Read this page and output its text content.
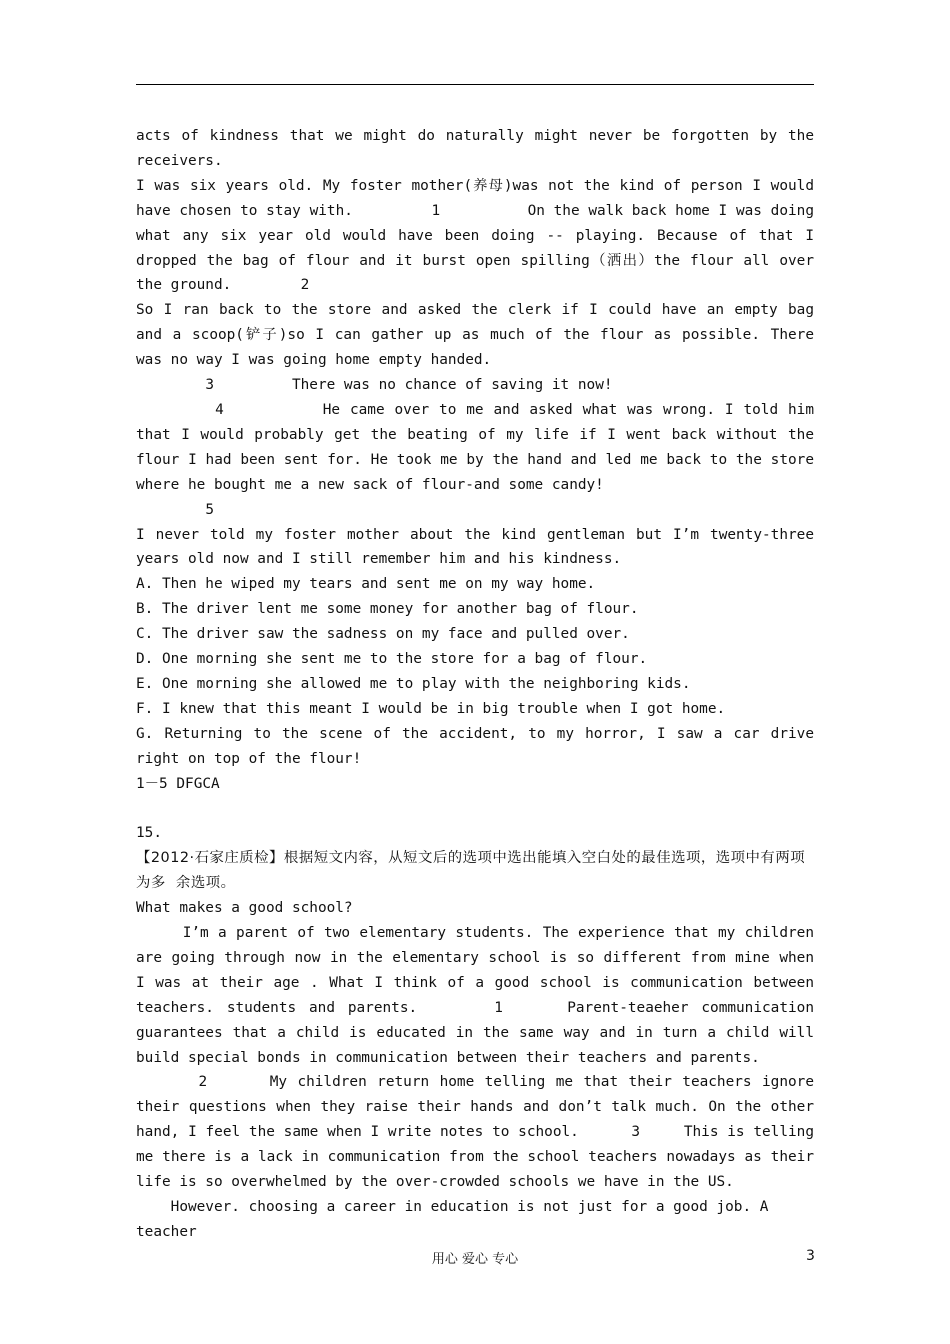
acts of kindness that we might do naturally might never be forgotten by the receivers.

I was six years old. My foster mother(养母)was not the kind of person I would have chosen to stay with.         1          On the walk back home I was doing what any six year old would have been doing -- playing. Because of that I dropped the bag of flour and it burst open spilling（洒出）the flour all over the ground.        2

So I ran back to the store and asked the clerk if I could have an empty bag and a scoop(铲子)so I can gather up as much of the flour as possible. There was no way I was going home empty handed.

3         There was no chance of saving it now!

4          He came over to me and asked what was wrong. I told him that I would probably get the beating of my life if I went back without the flour I had been sent for. He took me by the hand and led me back to the store where he bought me a new sack of flour-and some candy!

5

I never told my foster mother about the kind gentleman but I’m twenty-three years old now and I still remember him and his kindness.

A. Then he wiped my tears and sent me on my way home.

B. The driver lent me some money for another bag of flour.

C. The driver saw the sadness on my face and pulled over.

D. One morning she sent me to the store for a bag of flour.

E. One morning she allowed me to play with the neighboring kids.

F. I knew that this meant I would be in big trouble when I got home.

G. Returning to the scene of the accident, to my horror, I saw a car drive right on top of the flour!

1－5 DFGCA

15.

【2012·石家庄质检】根据短文内容，从短文后的选项中选出能填入空白处的最佳选项，选项中有两项为多  余选项。

What makes a good school?

I’m a parent of two elementary students. The experience that my children are going through now in the elementary school is so different from mine when I was at their age . What I think of a good school is communication between teachers. students and parents.      1     Parent-teaeher communication guarantees that a child is educated in the same way and in turn a child will build special bonds in communication between their teachers and parents.

2      My children return home telling me that their teachers ignore their questions when they raise their hands and don’t talk much. On the other hand, I feel the same when I write notes to school.      3     This is telling me there is a lack in communication from the school teachers nowadays as their life is so overwhelmed by the over-crowded schools we have in the US.

However. choosing a career in education is not just for a good job. A teacher

用心 爱心 专心	3
